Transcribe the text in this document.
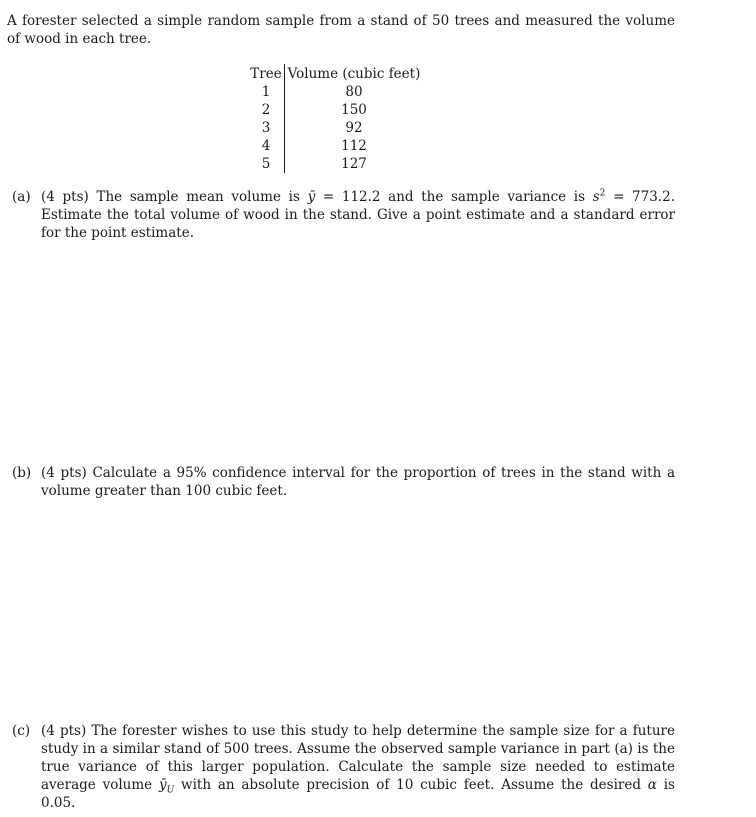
A forester selected a simple random sample from a stand of 50 trees and measured the volume of wood in each tree.
Tree	Volume (cubic feet)
1	80
2	150
3	92
4	112
5	127
(a) (4 pts) The sample mean volume is ȳ = 112.2 and the sample variance is $s^2 = 773.2$. Estimate the total volume of wood in the stand. Give a point estimate and a standard error for the point estimate.
(b) (4 pts) Calculate a 95% confidence interval for the proportion of trees in the stand with a volume greater than 100 cubic feet.
(c) (4 pts) The forester wishes to use this study to help determine the sample size for a future study in a similar stand of 500 trees. Assume the observed sample variance in part (a) is the true variance of this larger population. Calculate the sample size needed to estimate average volume $ȳ_U$ with an absolute precision of 10 cubic feet. Assume the desired α is 0.05.
